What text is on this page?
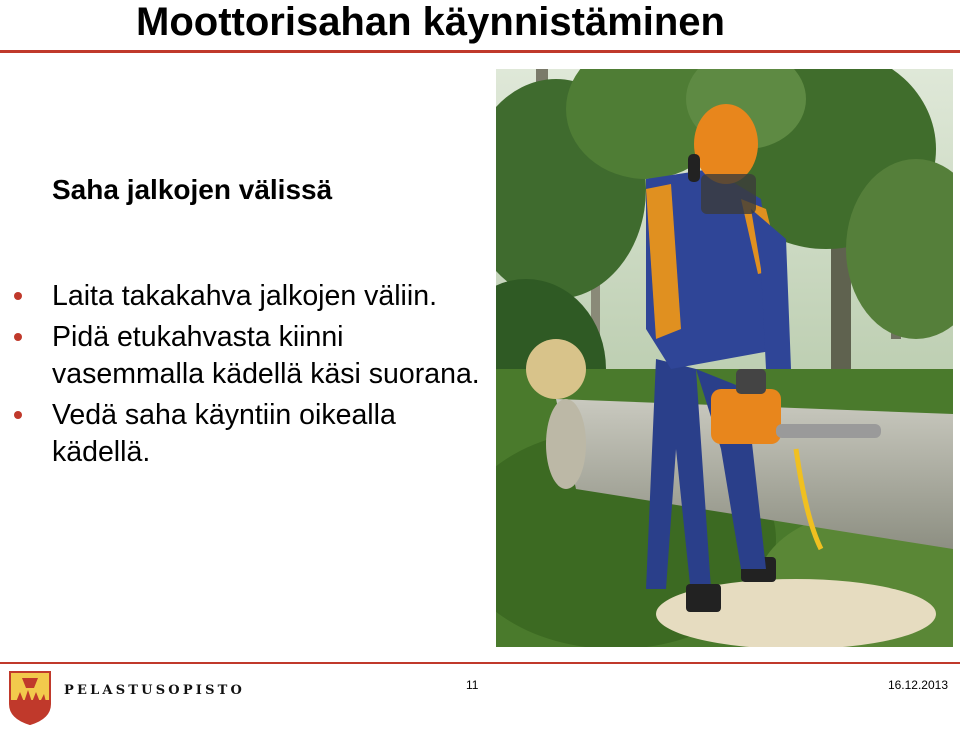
Moottorisahan käynnistäminen
Saha jalkojen välissä
Laita takakahva jalkojen väliin.
Pidä etukahvasta kiinni vasemmalla kädellä käsi suorana.
Vedä saha käyntiin oikealla kädellä.
PELASTUSOPISTO	11	16.12.2013
